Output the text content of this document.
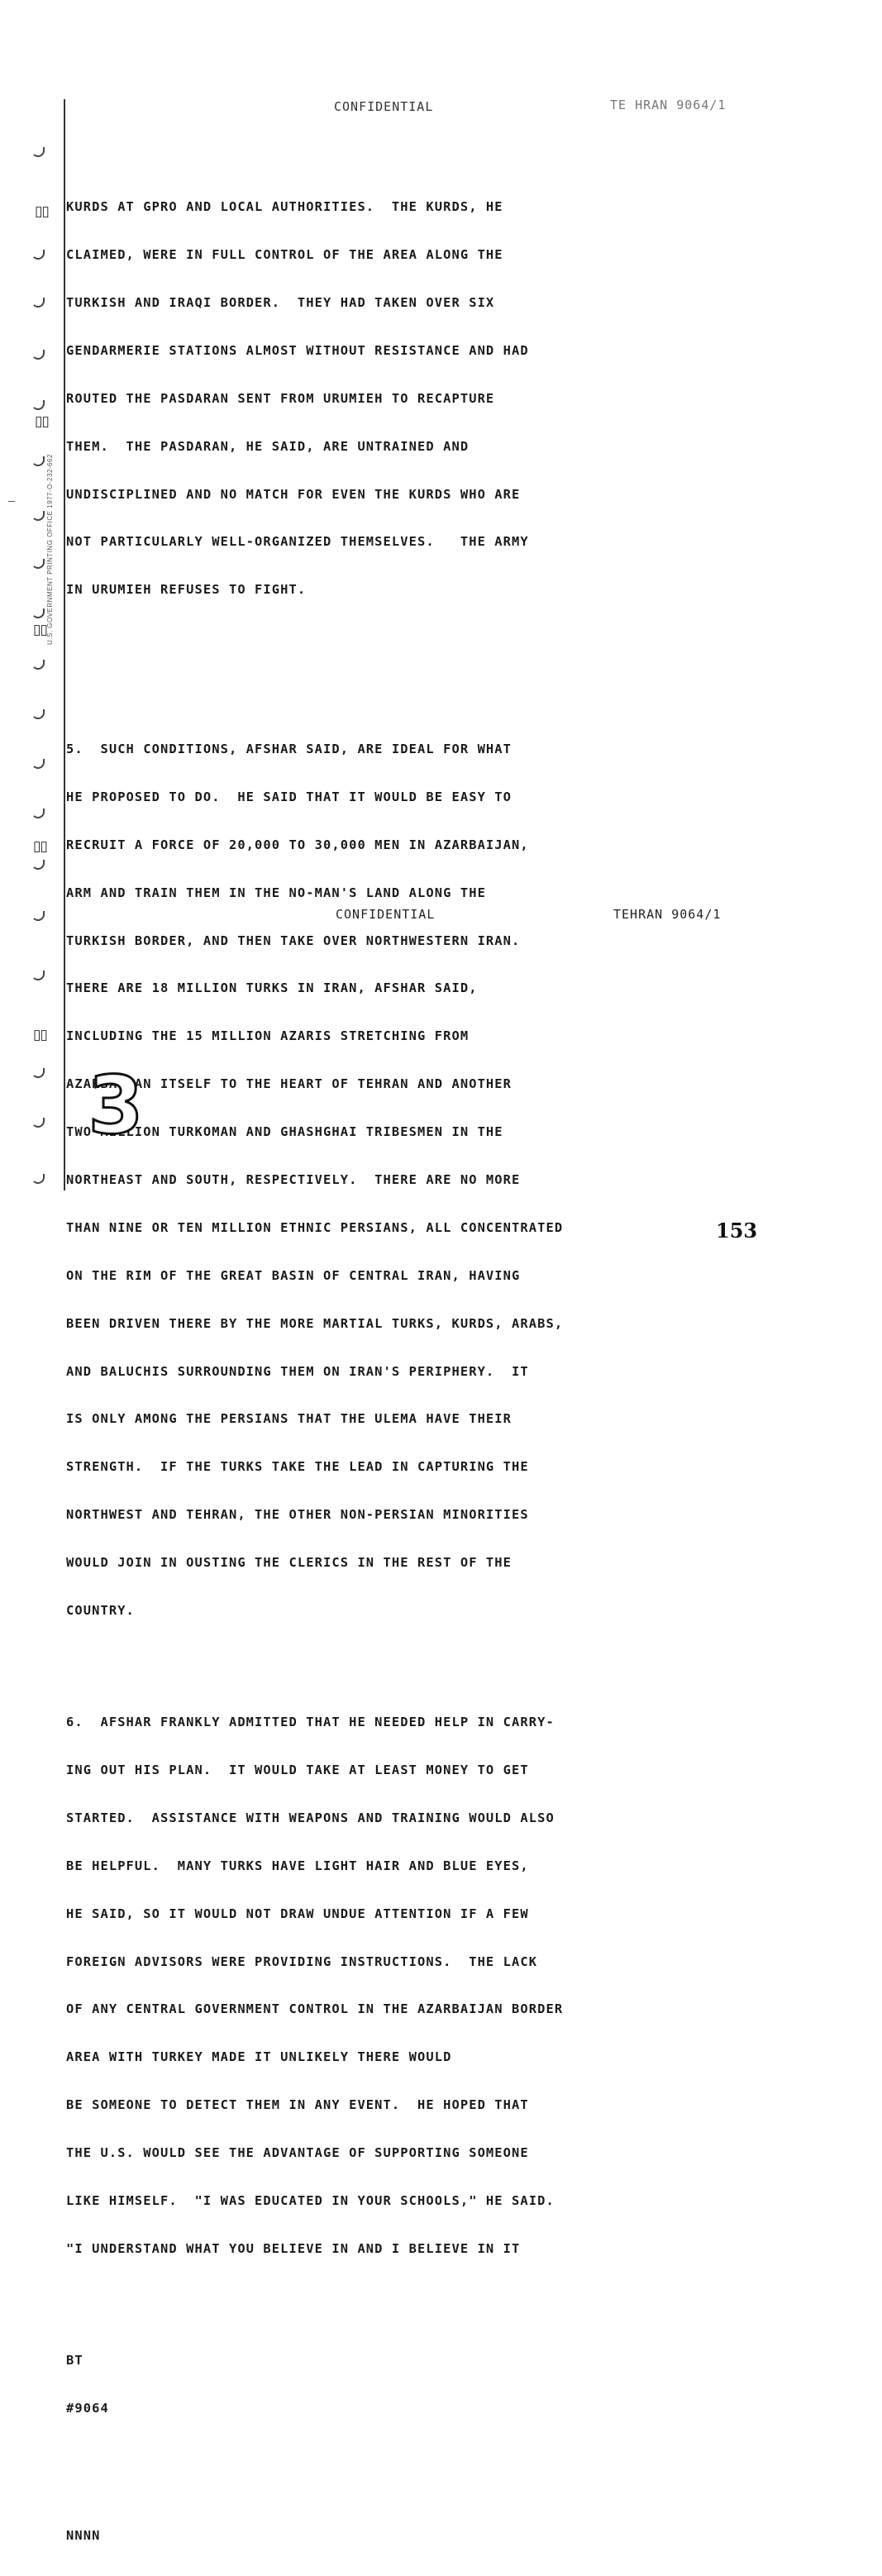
CONFIDENTIAL	TE HRAN 9064/1

KURDS AT GPRO AND LOCAL AUTHORITIES.  THE KURDS, HE

CLAIMED, WERE IN FULL CONTROL OF THE AREA ALONG THE

TURKISH AND IRAQI BORDER.  THEY HAD TAKEN OVER SIX

GENDARMERIE STATIONS ALMOST WITHOUT RESISTANCE AND HAD

ROUTED THE PASDARAN SENT FROM URUMIEH TO RECAPTURE

THEM.  THE PASDARAN, HE SAID, ARE UNTRAINED AND

UNDISCIPLINED AND NO MATCH FOR EVEN THE KURDS WHO ARE

NOT PARTICULARLY WELL-ORGANIZED THEMSELVES.   THE ARMY

IN URUMIEH REFUSES TO FIGHT.

5.  SUCH CONDITIONS, AFSHAR SAID, ARE IDEAL FOR WHAT

HE PROPOSED TO DO.  HE SAID THAT IT WOULD BE EASY TO

RECRUIT A FORCE OF 20,000 TO 30,000 MEN IN AZARBAIJAN,

ARM AND TRAIN THEM IN THE NO-MAN'S LAND ALONG THE

TURKISH BORDER, AND THEN TAKE OVER NORTHWESTERN IRAN.

THERE ARE 18 MILLION TURKS IN IRAN, AFSHAR SAID,

INCLUDING THE 15 MILLION AZARIS STRETCHING FROM

AZARBAIJAN ITSELF TO THE HEART OF TEHRAN AND ANOTHER

TWO MILLION TURKOMAN AND GHASHGHAI TRIBESMEN IN THE

NORTHEAST AND SOUTH, RESPECTIVELY.  THERE ARE NO MORE

THAN NINE OR TEN MILLION ETHNIC PERSIANS, ALL CONCENTRATED

ON THE RIM OF THE GREAT BASIN OF CENTRAL IRAN, HAVING

BEEN DRIVEN THERE BY THE MORE MARTIAL TURKS, KURDS, ARABS,

AND BALUCHIS SURROUNDING THEM ON IRAN'S PERIPHERY.  IT

IS ONLY AMONG THE PERSIANS THAT THE ULEMA HAVE THEIR

STRENGTH.  IF THE TURKS TAKE THE LEAD IN CAPTURING THE

NORTHWEST AND TEHRAN, THE OTHER NON-PERSIAN MINORITIES

WOULD JOIN IN OUSTING THE CLERICS IN THE REST OF THE

COUNTRY.

6.  AFSHAR FRANKLY ADMITTED THAT HE NEEDED HELP IN CARRY-

ING OUT HIS PLAN.  IT WOULD TAKE AT LEAST MONEY TO GET

STARTED.  ASSISTANCE WITH WEAPONS AND TRAINING WOULD ALSO

BE HELPFUL.  MANY TURKS HAVE LIGHT HAIR AND BLUE EYES,

HE SAID, SO IT WOULD NOT DRAW UNDUE ATTENTION IF A FEW

FOREIGN ADVISORS WERE PROVIDING INSTRUCTIONS.  THE LACK

OF ANY CENTRAL GOVERNMENT CONTROL IN THE AZARBAIJAN BORDER

AREA WITH TURKEY MADE IT UNLIKELY THERE WOULD

BE SOMEONE TO DETECT THEM IN ANY EVENT.  HE HOPED THAT

THE U.S. WOULD SEE THE ADVANTAGE OF SUPPORTING SOMEONE

LIKE HIMSELF.  "I WAS EDUCATED IN YOUR SCHOOLS," HE SAID.

"I UNDERSTAND WHAT YOU BELIEVE IN AND I BELIEVE IN IT

BT

#9064

NNNN

CONFIDENTIAL	TEHRAN 9064/1
U.S. GOVERNMENT PRINTING OFFICE 1977-O-232-662
▯▯
▯▯
▯▯
▯▯
▯▯
3
153
